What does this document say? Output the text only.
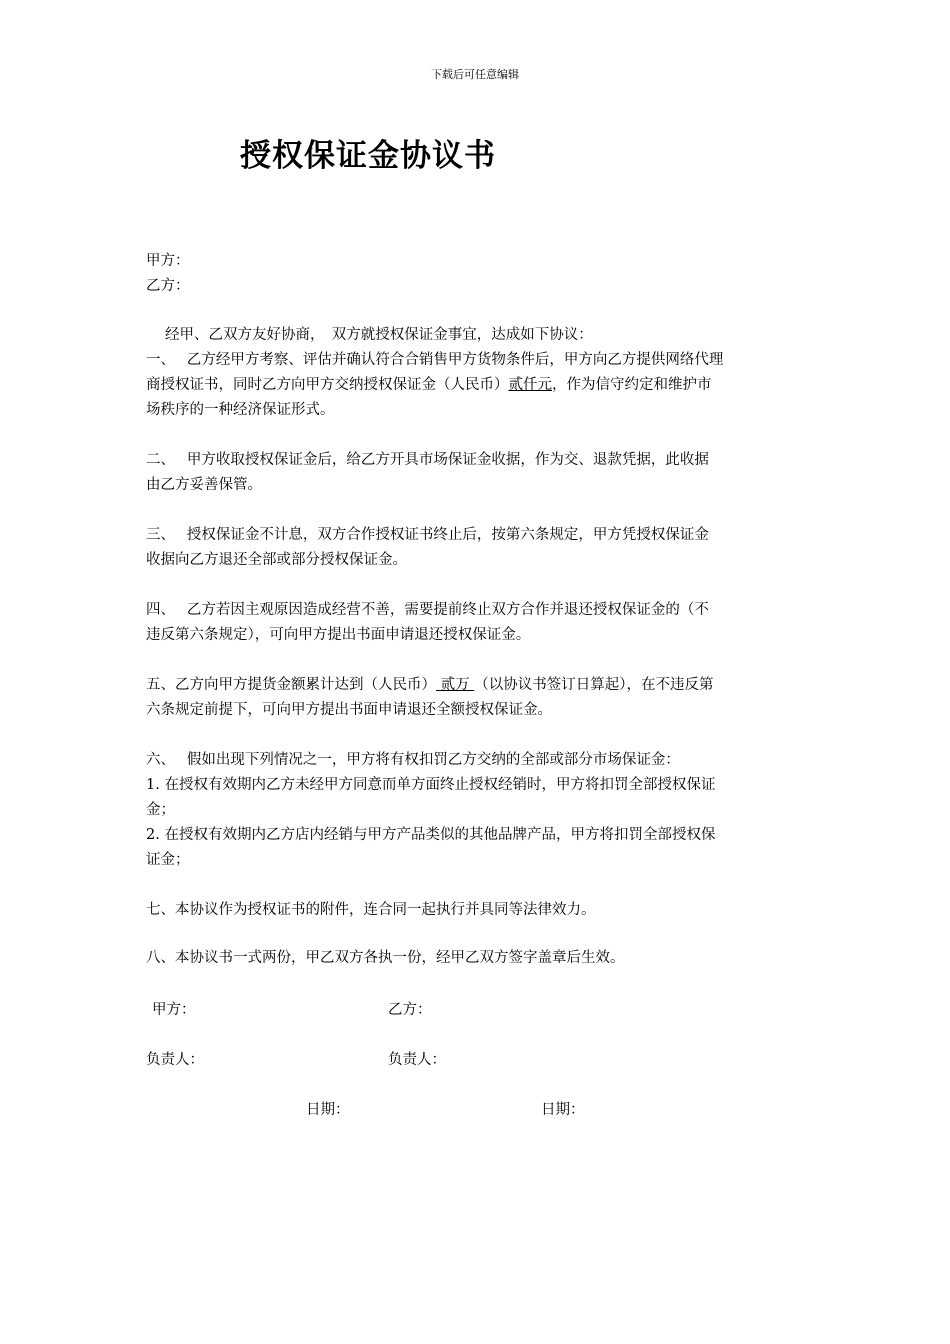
下载后可任意编辑
授权保证金协议书
甲方：
乙方：
经甲、乙双方友好协商，　双方就授权保证金事宜，达成如下协议：
一、　 乙方经甲方考察、评估并确认符合合销售甲方货物条件后，甲方向乙方提供网络代理
商授权证书，同时乙方向甲方交纳授权保证金（人民币）贰仟元，作为信守约定和维护市
场秩序的一种经济保证形式。
二、　 甲方收取授权保证金后，给乙方开具市场保证金收据，作为交、退款凭据，此收据
由乙方妥善保管。
三、　 授权保证金不计息，双方合作授权证书终止后，按第六条规定，甲方凭授权保证金
收据向乙方退还全部或部分授权保证金。
四、　 乙方若因主观原因造成经营不善，需要提前终止双方合作并退还授权保证金的（不
违反第六条规定），可向甲方提出书面申请退还授权保证金。
五、乙方向甲方提货金额累计达到（人民币） 贰万 （以协议书签订日算起），在不违反第
六条规定前提下，可向甲方提出书面申请退还全额授权保证金。
六、　 假如出现下列情况之一，甲方将有权扣罚乙方交纳的全部或部分市场保证金：
1. 在授权有效期内乙方未经甲方同意而单方面终止授权经销时，甲方将扣罚全部授权保证
金；
2. 在授权有效期内乙方店内经销与甲方产品类似的其他品牌产品，甲方将扣罚全部授权保
证金；
七、本协议作为授权证书的附件，连合同一起执行并具同等法律效力。
八、本协议书一式两份，甲乙双方各执一份，经甲乙双方签字盖章后生效。
甲方：	乙方：
负责人：	负责人：
日期：	日期：
